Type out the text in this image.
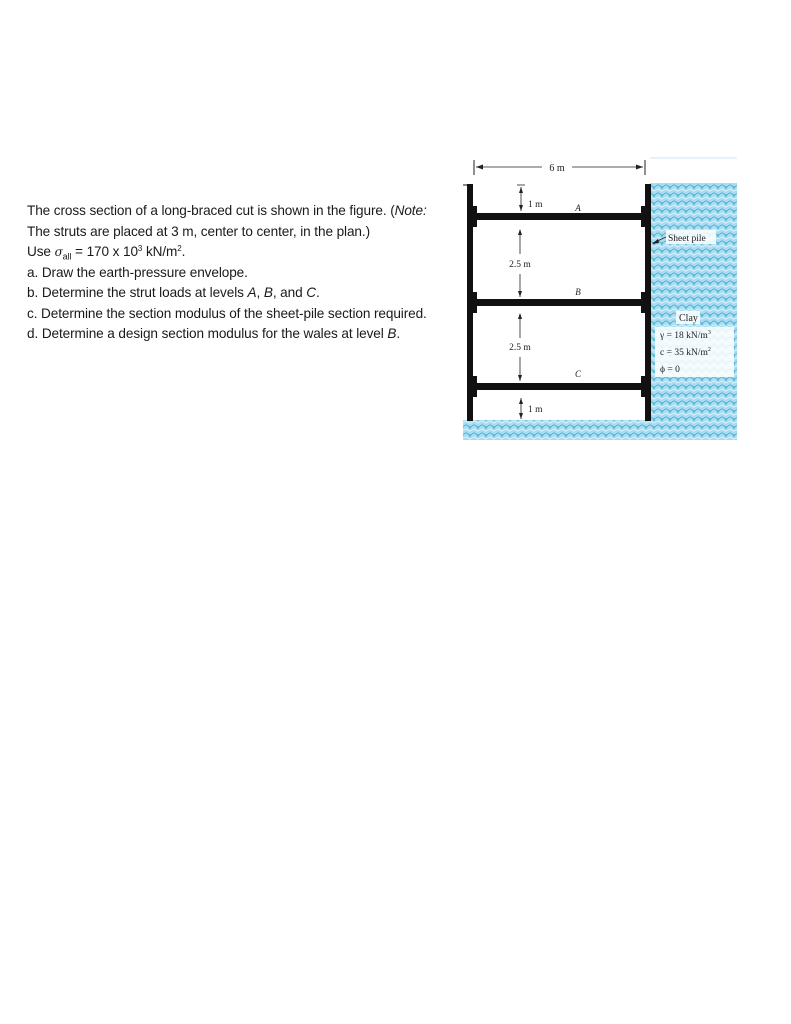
The cross section of a long-braced cut is shown in the figure. (Note:
The struts are placed at 3 m, center to center, in the plan.)
Use $\sigma_{all} = 170$ x $10^3$ $kN/m^2$.
a. Draw the earth-pressure envelope.
b. Determine the strut loads at levels A, B, and C.
c. Determine the section modulus of the sheet-pile section required.
d. Determine a design section modulus for the wales at level B.
6 m
A
B
C
1 m
2.5 m
2.5 m
1 m
Sheet pile
Clay
γ = 18 $kN/m^3$
c = 35 $kN/m^2$
ϕ = 0
